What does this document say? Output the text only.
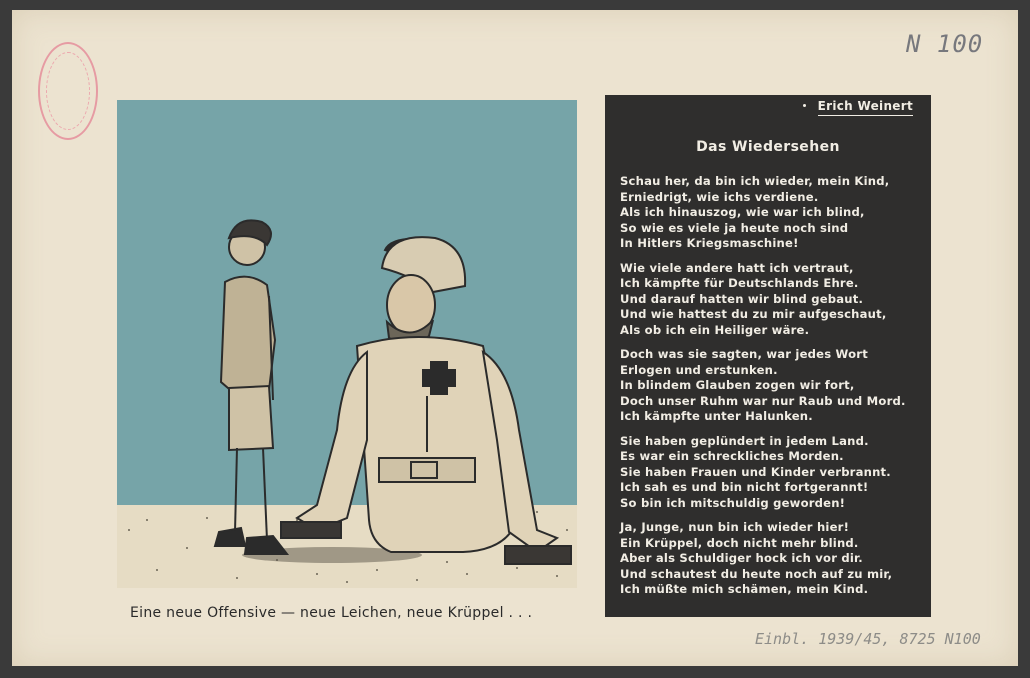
N 100
Eine neue Offensive — neue Leichen, neue Krüppel . . .
Erich Weinert
Das Wiedersehen
Schau her, da bin ich wieder, mein Kind,
Erniedrigt, wie ichs verdiene.
Als ich hinauszog, wie war ich blind,
So wie es viele ja heute noch sind
In Hitlers Kriegsmaschine!
Wie viele andere hatt ich vertraut,
Ich kämpfte für Deutschlands Ehre.
Und darauf hatten wir blind gebaut.
Und wie hattest du zu mir aufgeschaut,
Als ob ich ein Heiliger wäre.
Doch was sie sagten, war jedes Wort
Erlogen und erstunken.
In blindem Glauben zogen wir fort,
Doch unser Ruhm war nur Raub und Mord.
Ich kämpfte unter Halunken.
Sie haben geplündert in jedem Land.
Es war ein schreckliches Morden.
Sie haben Frauen und Kinder verbrannt.
Ich sah es und bin nicht fortgerannt!
So bin ich mitschuldig geworden!
Ja, Junge, nun bin ich wieder hier!
Ein Krüppel, doch nicht mehr blind.
Aber als Schuldiger hock ich vor dir.
Und schautest du heute noch auf zu mir,
Ich müßte mich schämen, mein Kind.
Einbl. 1939/45, 8725 N100
